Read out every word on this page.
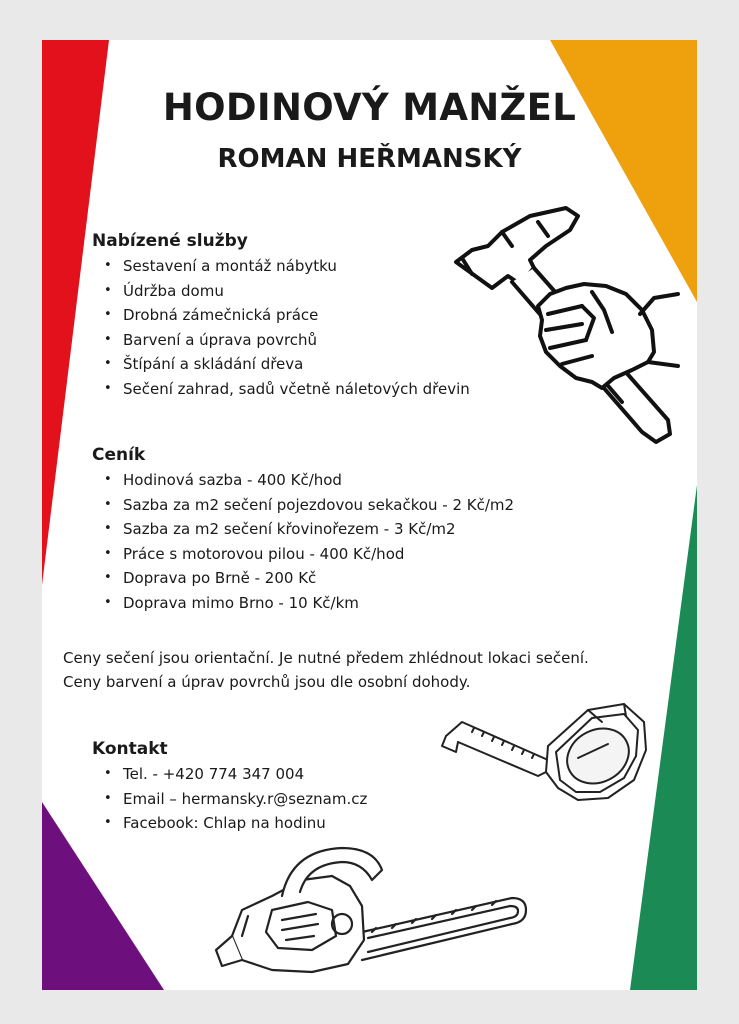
HODINOVÝ MANŽEL
ROMAN HEŘMANSKÝ
Nabízené služby
• Sestavení a montáž nábytku
• Údržba domu
• Drobná zámečnická práce
• Barvení a úprava povrchů
• Štípání a skládání dřeva
• Sečení zahrad, sadů včetně náletových dřevin
Ceník
• Hodinová sazba - 400 Kč/hod
• Sazba za m2 sečení pojezdovou sekačkou - 2 Kč/m2
• Sazba za m2 sečení křovinořezem - 3 Kč/m2
• Práce s motorovou pilou - 400 Kč/hod
• Doprava po Brně - 200 Kč
• Doprava mimo Brno - 10 Kč/km

Ceny sečení jsou orientační. Je nutné předem zhlédnout lokaci sečení.

Ceny barvení a úprav povrchů jsou dle osobní dohody.

Kontakt
• Tel. - +420 774 347 004
• Email – hermansky.r@seznam.cz
• Facebook: Chlap na hodinu
